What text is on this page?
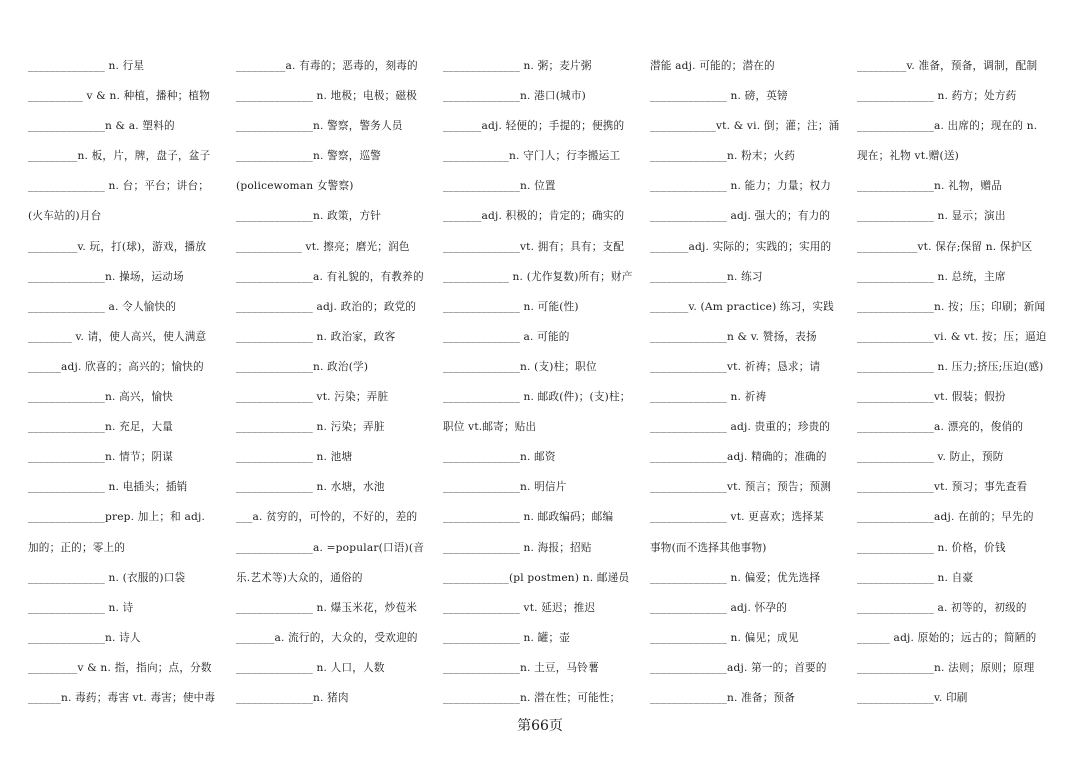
______________ n. 行星
__________ v & n. 种植，播种；植物
______________n & a. 塑料的
_________n. 板，片，牌，盘子，盆子
______________ n. 台；平台；讲台；
(火车站的)月台
_________v. 玩，打(球)，游戏，播放
______________n. 操场，运动场
______________ a. 令人愉快的
________ v. 请，使人高兴，使人满意
______adj. 欣喜的；高兴的；愉快的
______________n. 高兴，愉快
______________n. 充足，大量
______________n. 情节；阴谋
______________ n. 电插头；插销
______________prep. 加上；和 adj.
加的；正的；零上的
______________ n. (衣服的)口袋
______________ n. 诗
______________n. 诗人
_________v & n. 指，指向；点，分数
______n. 毒药；毒害 vt. 毒害；使中毒
_________a. 有毒的；恶毒的，刻毒的
______________ n. 地极；电极；磁极
______________n. 警察，警务人员
______________n. 警察，巡警
(policewoman 女警察)
______________n. 政策，方针
____________ vt. 擦亮；磨光；润色
______________a. 有礼貌的，有教养的
______________ adj. 政治的；政党的
______________ n. 政治家，政客
______________n. 政治(学)
______________ vt. 污染；弄脏
______________ n. 污染；弄脏
______________ n. 池塘
______________ n. 水塘，水池
___a. 贫穷的，可怜的，不好的，差的
______________a. =popular(口语)(音
乐.艺术等)大众的，通俗的
______________ n. 爆玉米花，炒苞米
_______a. 流行的，大众的，受欢迎的
______________ n. 人口，人数
______________n. 猪肉
______________ n. 粥；麦片粥
______________n. 港口(城市)
_______adj. 轻便的；手提的；便携的
____________n. 守门人；行李搬运工
______________n. 位置
_______adj. 积极的；肯定的；确实的
______________vt. 拥有；具有；支配
____________ n. (尤作复数)所有；财产
______________ n. 可能(性)
______________ a. 可能的
______________n. (支)柱；职位
______________ n. 邮政(件)；(支)柱；
职位 vt.邮寄；贴出
______________n. 邮资
______________n. 明信片
______________ n. 邮政编码；邮编
______________ n. 海报；招贴
____________(pl postmen) n. 邮递员
______________ vt. 延迟；推迟
______________ n. 罐；壶
______________n. 土豆，马铃薯
______________n. 潜在性；可能性；
潜能 adj. 可能的；潜在的
______________ n. 磅，英镑
____________vt. & vi. 倒；灌；注；涌
______________n. 粉末；火药
______________ n. 能力；力量；权力
______________ adj. 强大的；有力的
_______adj. 实际的；实践的；实用的
______________n. 练习
_______v. (Am practice) 练习，实践
______________n & v. 赞扬，表扬
______________vt. 祈祷；恳求；请
______________ n. 祈祷
______________ adj. 贵重的；珍贵的
______________adj. 精确的；准确的
______________vt. 预言；预告；预测
______________ vt. 更喜欢；选择某
事物(而不选择其他事物)
______________ n. 偏爱；优先选择
______________ adj. 怀孕的
______________ n. 偏见；成见
______________adj. 第一的；首要的
______________n. 准备；预备
_________v. 准备，预备，调制，配制
______________ n. 药方；处方药
______________a. 出席的；现在的 n.
现在；礼物 vt.赠(送)
______________n. 礼物，赠品
______________ n. 显示；演出
___________vt. 保存;保留 n. 保护区
______________ n. 总统，主席
______________n. 按；压；印刷；新闻
______________vi. & vt. 按；压；逼迫
______________ n. 压力;挤压;压迫(感)
______________vt. 假装；假扮
______________a. 漂亮的，俊俏的
______________ v. 防止，预防
______________vt. 预习；事先查看
______________adj. 在前的；早先的
______________ n. 价格，价钱
______________ n. 自豪
______________ a. 初等的，初级的
______ adj. 原始的；远古的；简陋的
______________n. 法则；原则；原理
______________v. 印刷
第66页
